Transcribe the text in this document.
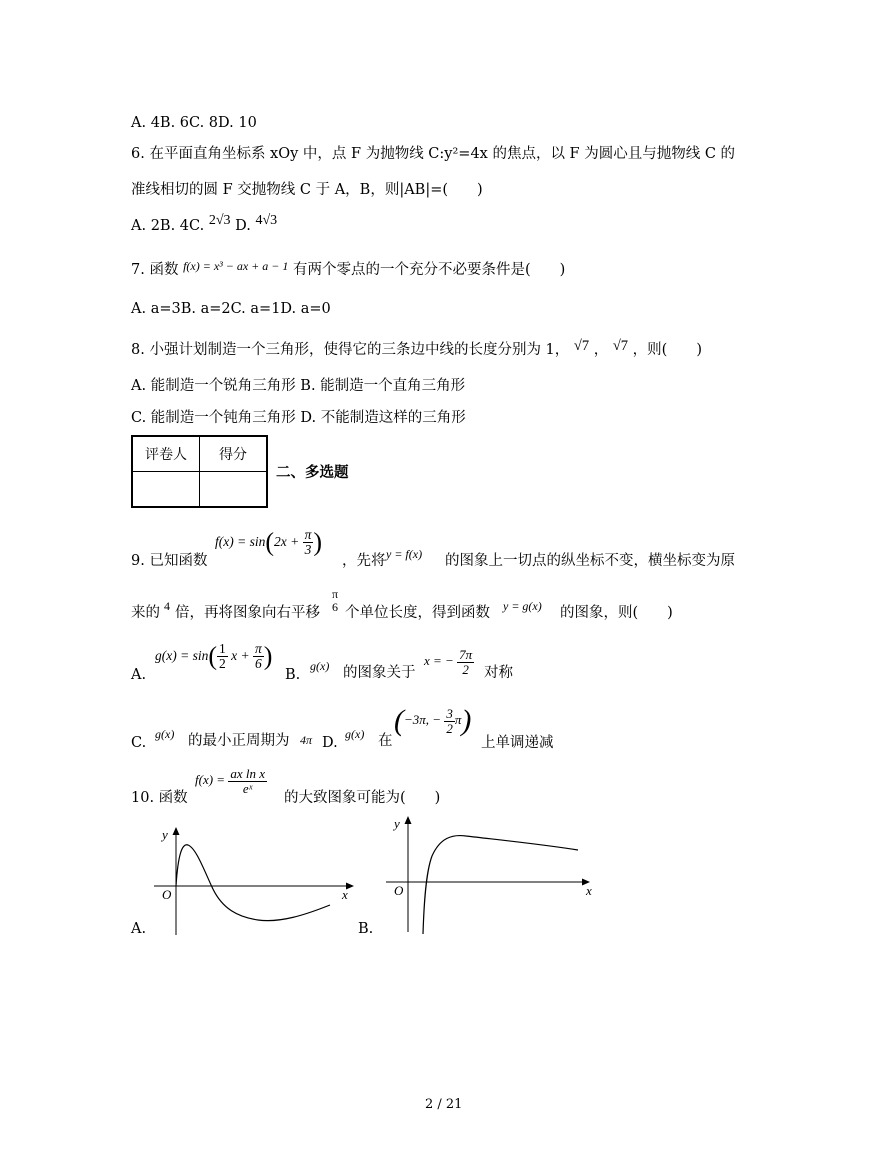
A. 4B. 6C. 8D. 10
6. 在平面直角坐标系 xOy 中，点 F 为抛物线 C:y²=4x 的焦点，以 F 为圆心且与抛物线 C 的
准线相切的圆 F 交抛物线 C 于 A，B，则|AB|=(　　)
A. 2B. 4C. 2√3 D. 4√3
7. 函数 $^{f(x) = x^3 - ax + a - 1}$ 有两个零点的一个充分不必要条件是(　　)
A. a=3B. a=2C. a=1D. a=0
8. 小强计划制造一个三角形，使得它的三条边中线的长度分别为 1， √7 ， √7 ，则(　　)
A. 能制造一个锐角三角形 B. 能制造一个直角三角形
C. 能制造一个钝角三角形 D. 不能制造这样的三角形
评卷人	得分

二、多选题
9. 已知函数
$f(x) = \sin(2x + \frac{\pi}{3}$ )
，先将 y = f(x) 的图象上一切点的纵坐标不变，横坐标变为原
来的 4 倍，再将图象向右平移
π
6 个单位长度，得到函数 y = g(x) 的图象，则(　　)
A.
$g(x) = \sin( \frac{1}{2}$ $x + \frac{\pi}{6}$ )
B.
g(x) 的图象关于
x = − $\frac{7\pi}{2}$ 对称
C.
g(x) 的最小正周期为 4π D.
g(x) 在
(−3π, − $\frac{3}{2} \pi$)
上单调递减
10. 函数
$f(x) = \frac{\text{ax ln x}}{\text{eˣ}}$
的大致图象可能为(　　)
y
O	x
A.
y
O	x
B.
2 / 21
